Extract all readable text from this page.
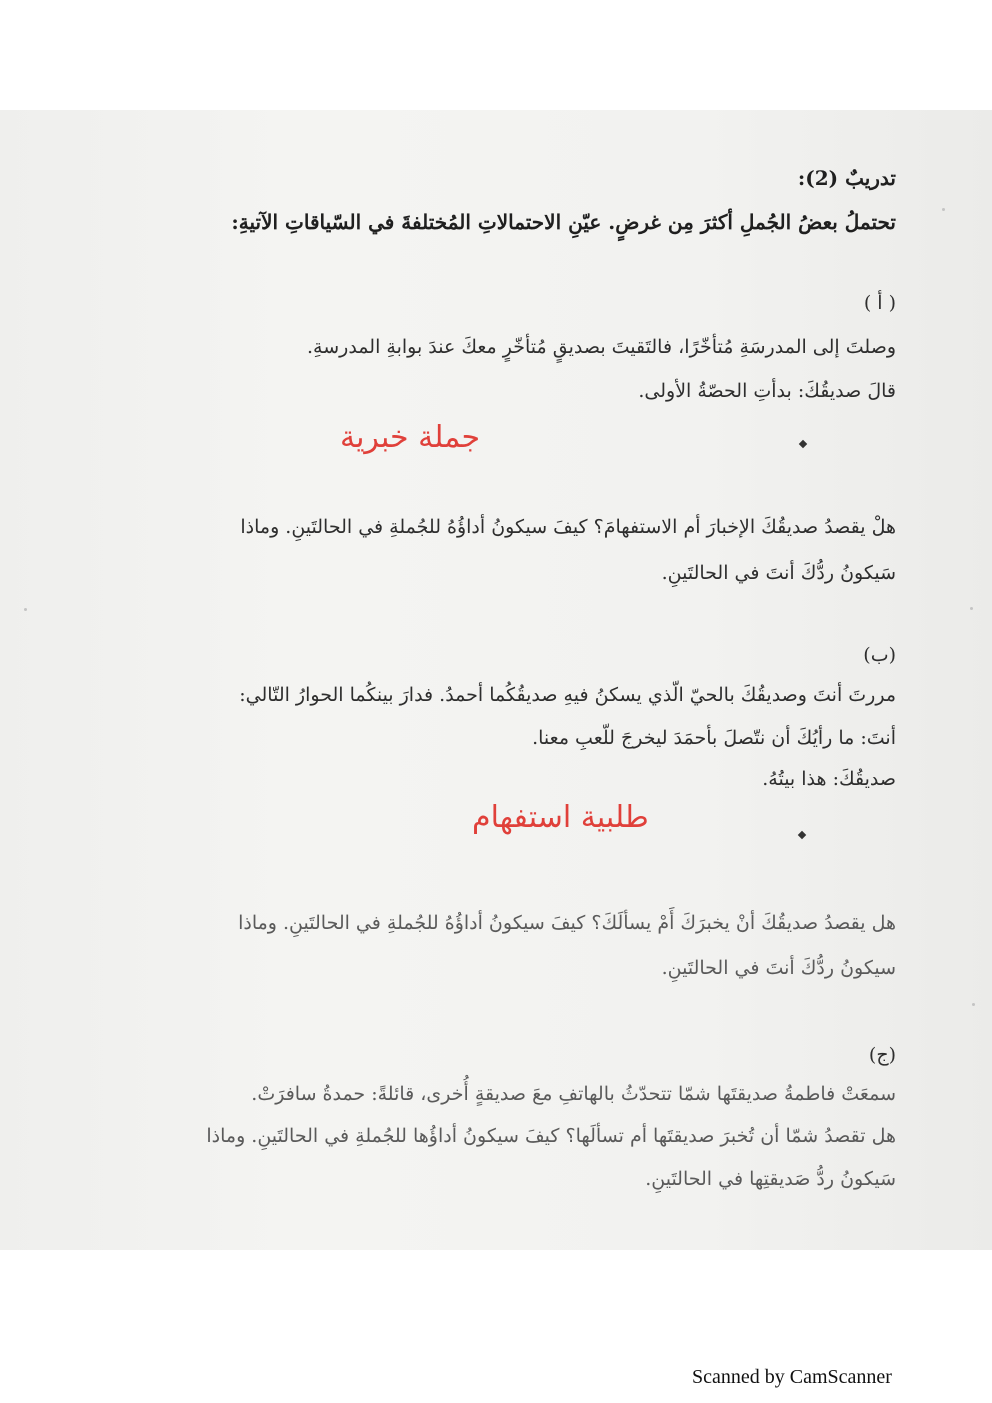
تدريبٌ (2):
تحتملُ بعضُ الجُملِ أكثرَ مِن غرضٍ. عيّنِ الاحتمالاتِ المُختلفةَ في السّياقاتِ الآتيةِ:
( أ )
وصلتَ إلى المدرسَةِ مُتأخّرًا، فالتَقيتَ بصديقٍ مُتأخّرٍ معكَ عندَ بوابةِ المدرسةِ.
قالَ صديقُكَ: بدأتِ الحصّةُ الأولى.
جملة خبرية
هلْ يقصدُ صديقُكَ الإخبارَ أم الاستفهامَ؟ كيفَ سيكونُ أداؤُهُ للجُملةِ في الحالتَينِ. وماذا
سَيكونُ ردُّكَ أنتَ في الحالتَينِ.
(ب)
مررتَ أنتَ وصديقُكَ بالحيّ الّذي يسكنُ فيهِ صديقُكُما أحمدُ. فدارَ بينكُما الحوارُ التّالي:
أنتَ: ما رأيُكَ أن نتّصلَ بأحمَدَ ليخرجَ للّعبِ معنا.
صديقُكَ: هذا بيتُهُ.
طلبية استفهام
هل يقصدُ صديقُكَ أنْ يخبرَكَ أَمْ يسألَكَ؟ كيفَ سيكونُ أداؤُهُ للجُملةِ في الحالتَينِ. وماذا
سيكونُ ردُّكَ أنتَ في الحالتَينِ.
(ج)
سمعَتْ فاطمةُ صديقتَها شمّا تتحدّثُ بالهاتفِ معَ صديقةٍ أُخرى، قائلةً: حمدةُ سافرَتْ.
هل تقصدُ شمّا أن تُخبرَ صديقتَها أم تسألَها؟ كيفَ سيكونُ أداؤُها للجُملةِ في الحالتَينِ. وماذا
سَيكونُ ردُّ صَديقتِها في الحالتَينِ.
Scanned by CamScanner
